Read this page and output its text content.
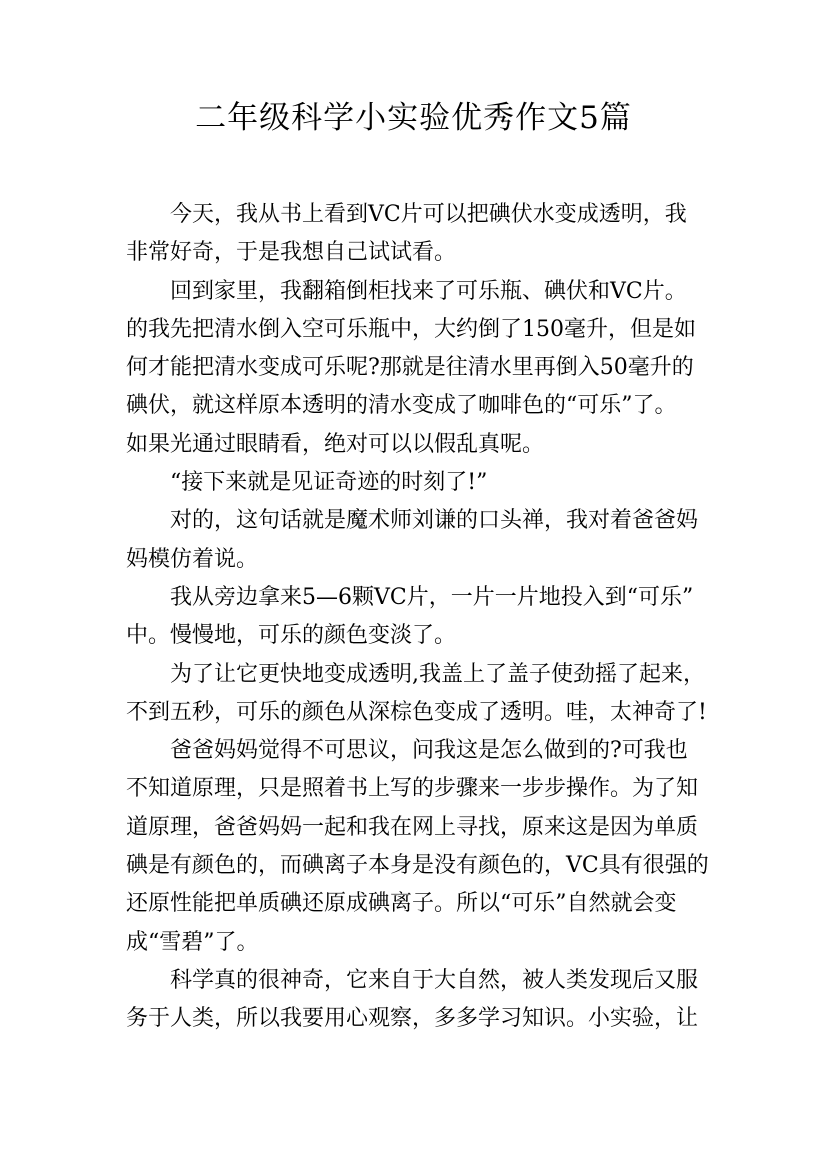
二年级科学小实验优秀作文5篇
今天，我从书上看到VC片可以把碘伏水变成透明，我
非常好奇，于是我想自己试试看。
回到家里，我翻箱倒柜找来了可乐瓶、碘伏和VC片。
的我先把清水倒入空可乐瓶中，大约倒了150毫升，但是如
何才能把清水变成可乐呢?那就是往清水里再倒入50毫升的
碘伏，就这样原本透明的清水变成了咖啡色的“可乐”了。
如果光通过眼睛看，绝对可以以假乱真呢。
“接下来就是见证奇迹的时刻了!”
对的，这句话就是魔术师刘谦的口头禅，我对着爸爸妈
妈模仿着说。
我从旁边拿来5—6颗VC片，一片一片地投入到“可乐”
中。慢慢地，可乐的颜色变淡了。
为了让它更快地变成透明,我盖上了盖子使劲摇了起来，
不到五秒，可乐的颜色从深棕色变成了透明。哇，太神奇了!
爸爸妈妈觉得不可思议，问我这是怎么做到的?可我也
不知道原理，只是照着书上写的步骤来一步步操作。为了知
道原理，爸爸妈妈一起和我在网上寻找，原来这是因为单质
碘是有颜色的，而碘离子本身是没有颜色的，VC具有很强的
还原性能把单质碘还原成碘离子。所以“可乐”自然就会变
成“雪碧”了。
科学真的很神奇，它来自于大自然，被人类发现后又服
务于人类，所以我要用心观察，多多学习知识。小实验，让
